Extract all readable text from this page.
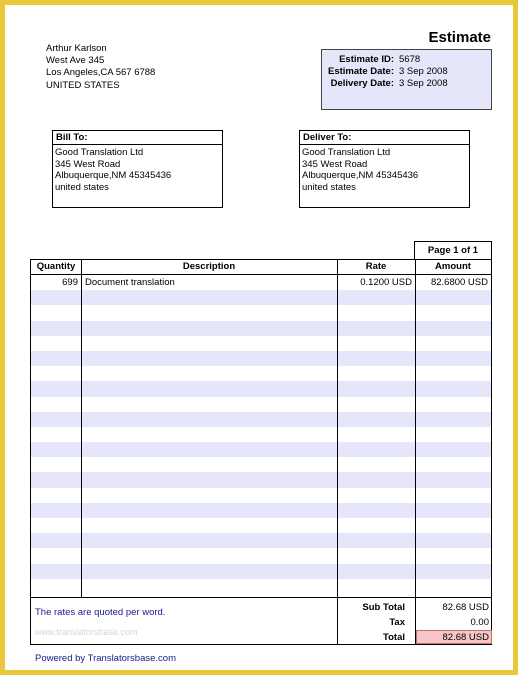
Estimate
Arthur Karlson
West Ave 345
Los Angeles,CA 567 6788
UNITED STATES
Estimate ID: 5678
Estimate Date: 3 Sep 2008
Delivery Date: 3 Sep 2008
Bill To:
Good Translation Ltd
345 West Road
Albuquerque,NM 45345436
united states
Deliver To:
Good Translation Ltd
345 West Road
Albuquerque,NM 45345436
united states
Page 1 of 1
Quantity	Description	Rate	Amount
699 Document translation	0.1200 USD	82.6800 USD
The rates are quoted per word.
www.translatorsbase.com
Sub Total	82.68 USD
Tax	0.00
Total	82.68 USD
Powered by Translatorsbase.com
